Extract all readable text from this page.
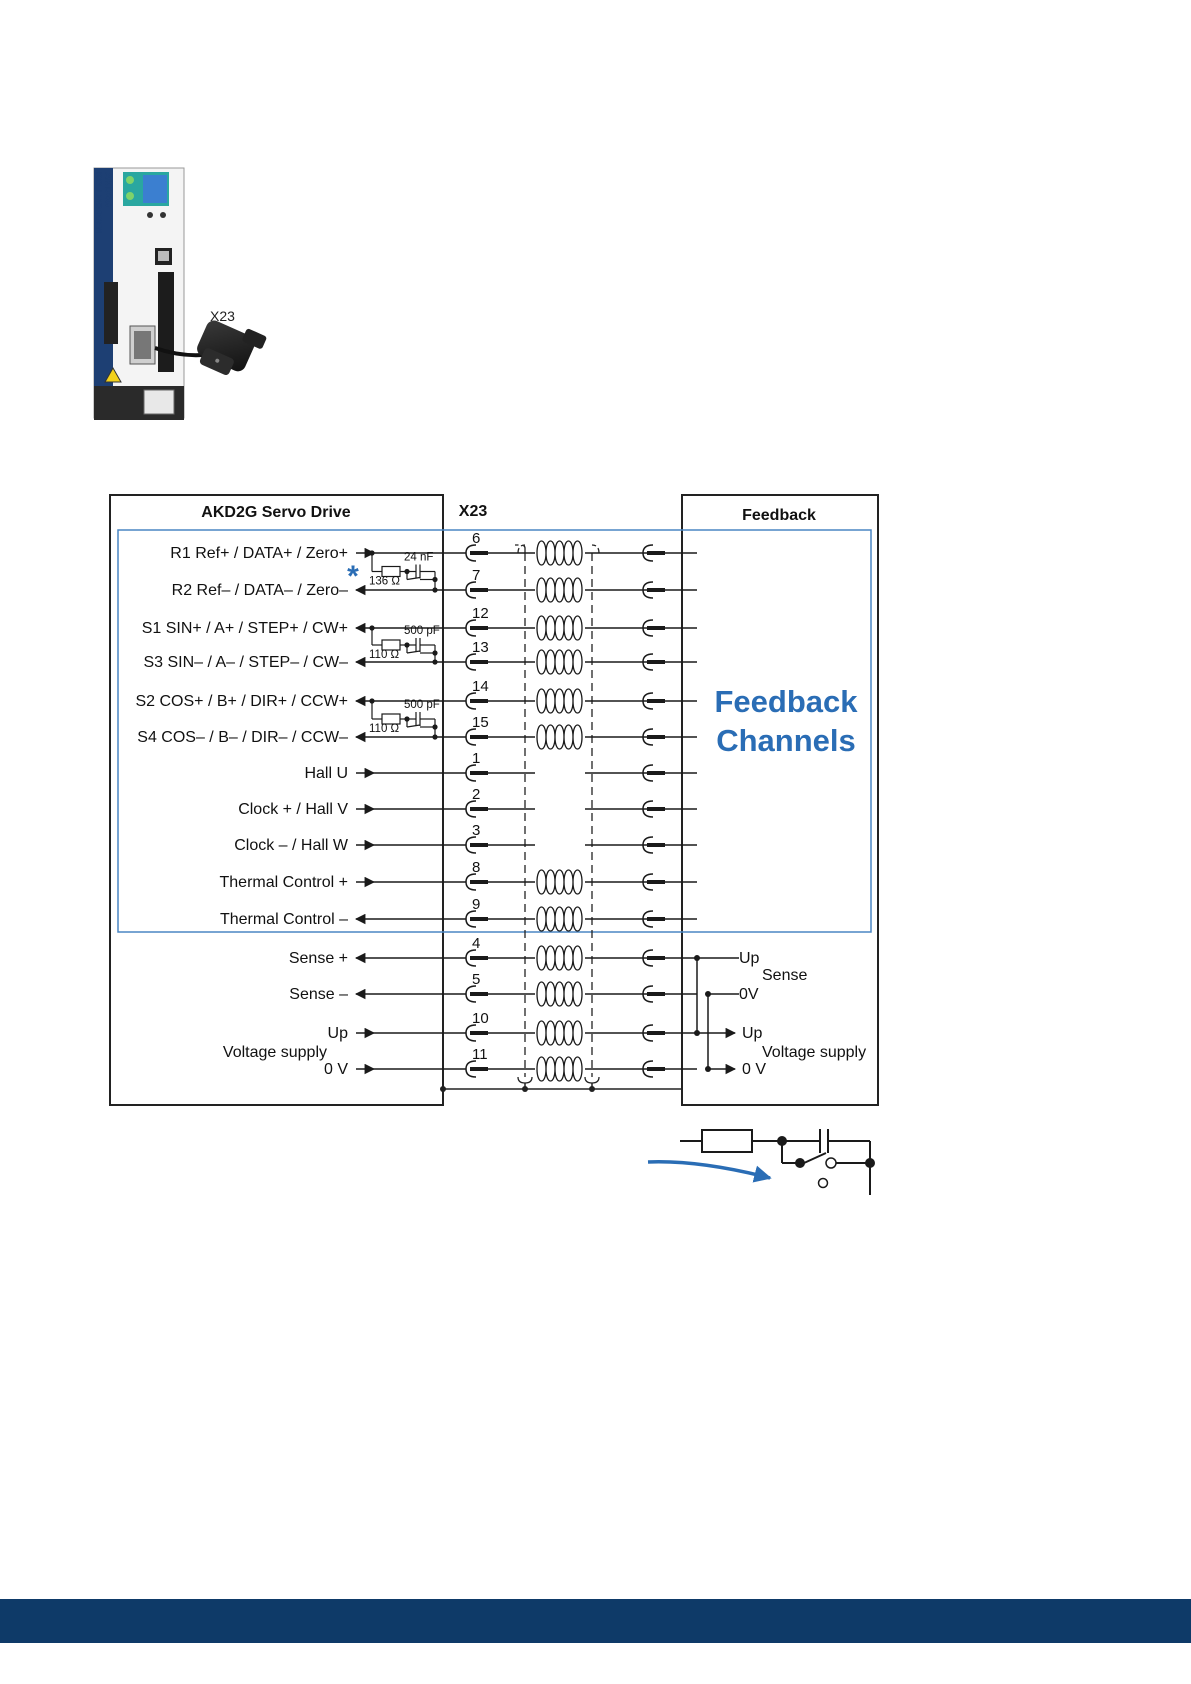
KOLLMORGEN
AKD2G
X23
AKD2G Servo Drive	X23	Feedback
Feedback
Channels
R1 Ref+ / DATA+ / Zero+
6
R2 Ref– / DATA– / Zero–
7
S1 SIN+ / A+ / STEP+ / CW+
12
S3 SIN– / A– / STEP– / CW–
13
S2 COS+ / B+ / DIR+ / CCW+
14
S4 COS– / B– / DIR– / CCW–
15
Hall U
1
Clock + / Hall V
2
Clock – / Hall W
3
Thermal Control +
8
Thermal Control –
9
Sense +
4
Sense –
5
Up
10
0 V
11
Voltage supply
*
24 nF
136 Ω
500 pF
110 Ω
500 pF
110 Ω
Up
Sense
0V
Up
Voltage supply
0 V
